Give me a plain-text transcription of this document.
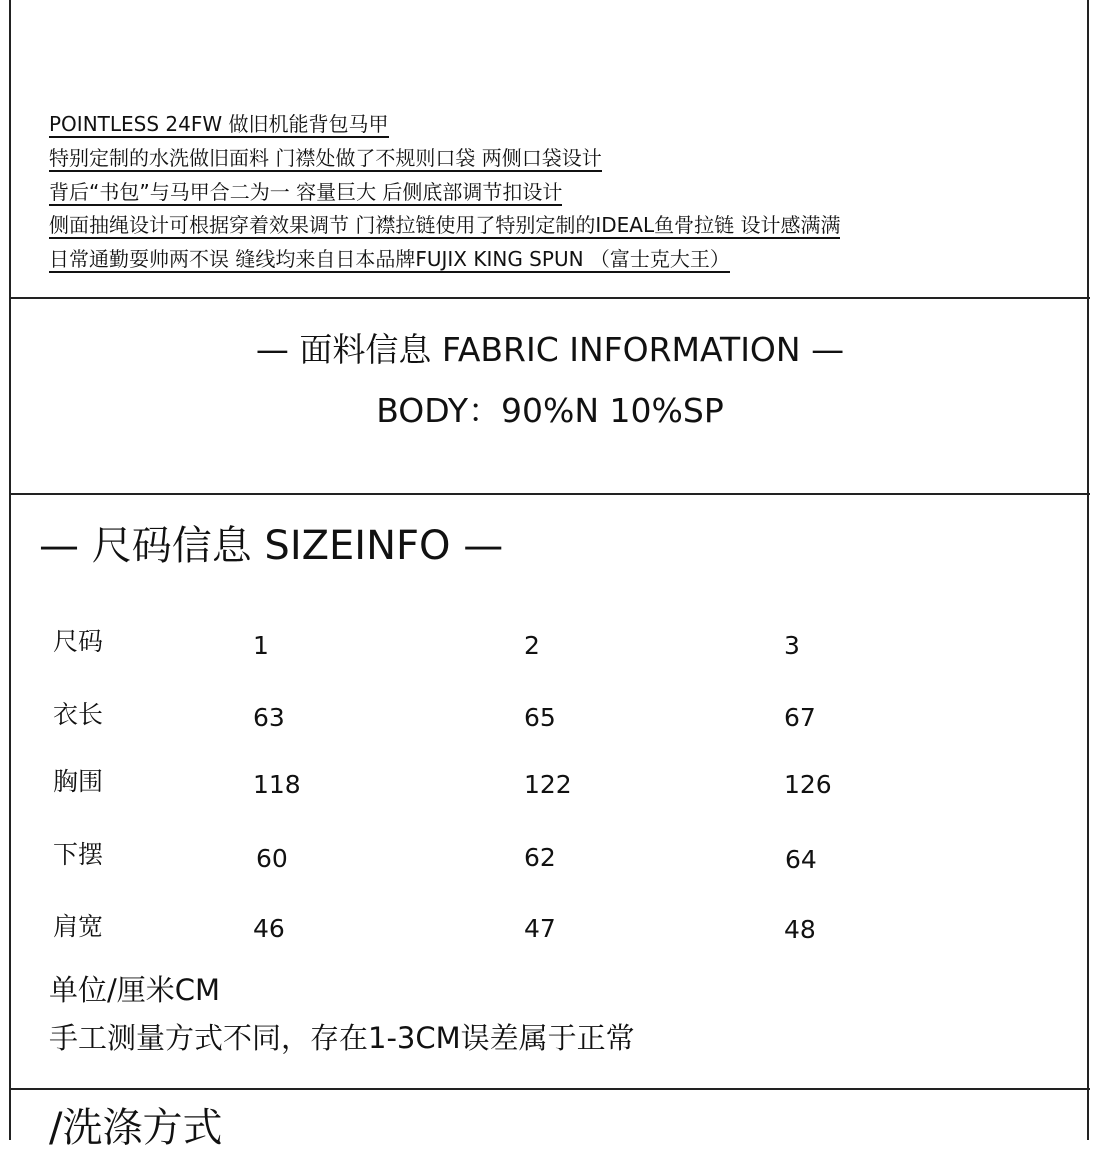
POINTLESS 24FW 做旧机能背包马甲
特别定制的水洗做旧面料 门襟处做了不规则口袋 两侧口袋设计
背后“书包”与马甲合二为一 容量巨大 后侧底部调节扣设计
侧面抽绳设计可根据穿着效果调节 门襟拉链使用了特别定制的IDEAL鱼骨拉链 设计感满满
日常通勤耍帅两不误 缝线均来自日本品牌FUJIX KING SPUN （富士克大王）
— 面料信息 FABRIC INFORMATION —
BODY：90%N 10%SP
— 尺码信息 SIZEINFO —
尺码	1	2	3
衣长	63	65	67
胸围	118	122	126
下摆	60	62	64
肩宽	46	47	48
单位/厘米CM
手工测量方式不同，存在1-3CM误差属于正常
/洗涤方式
